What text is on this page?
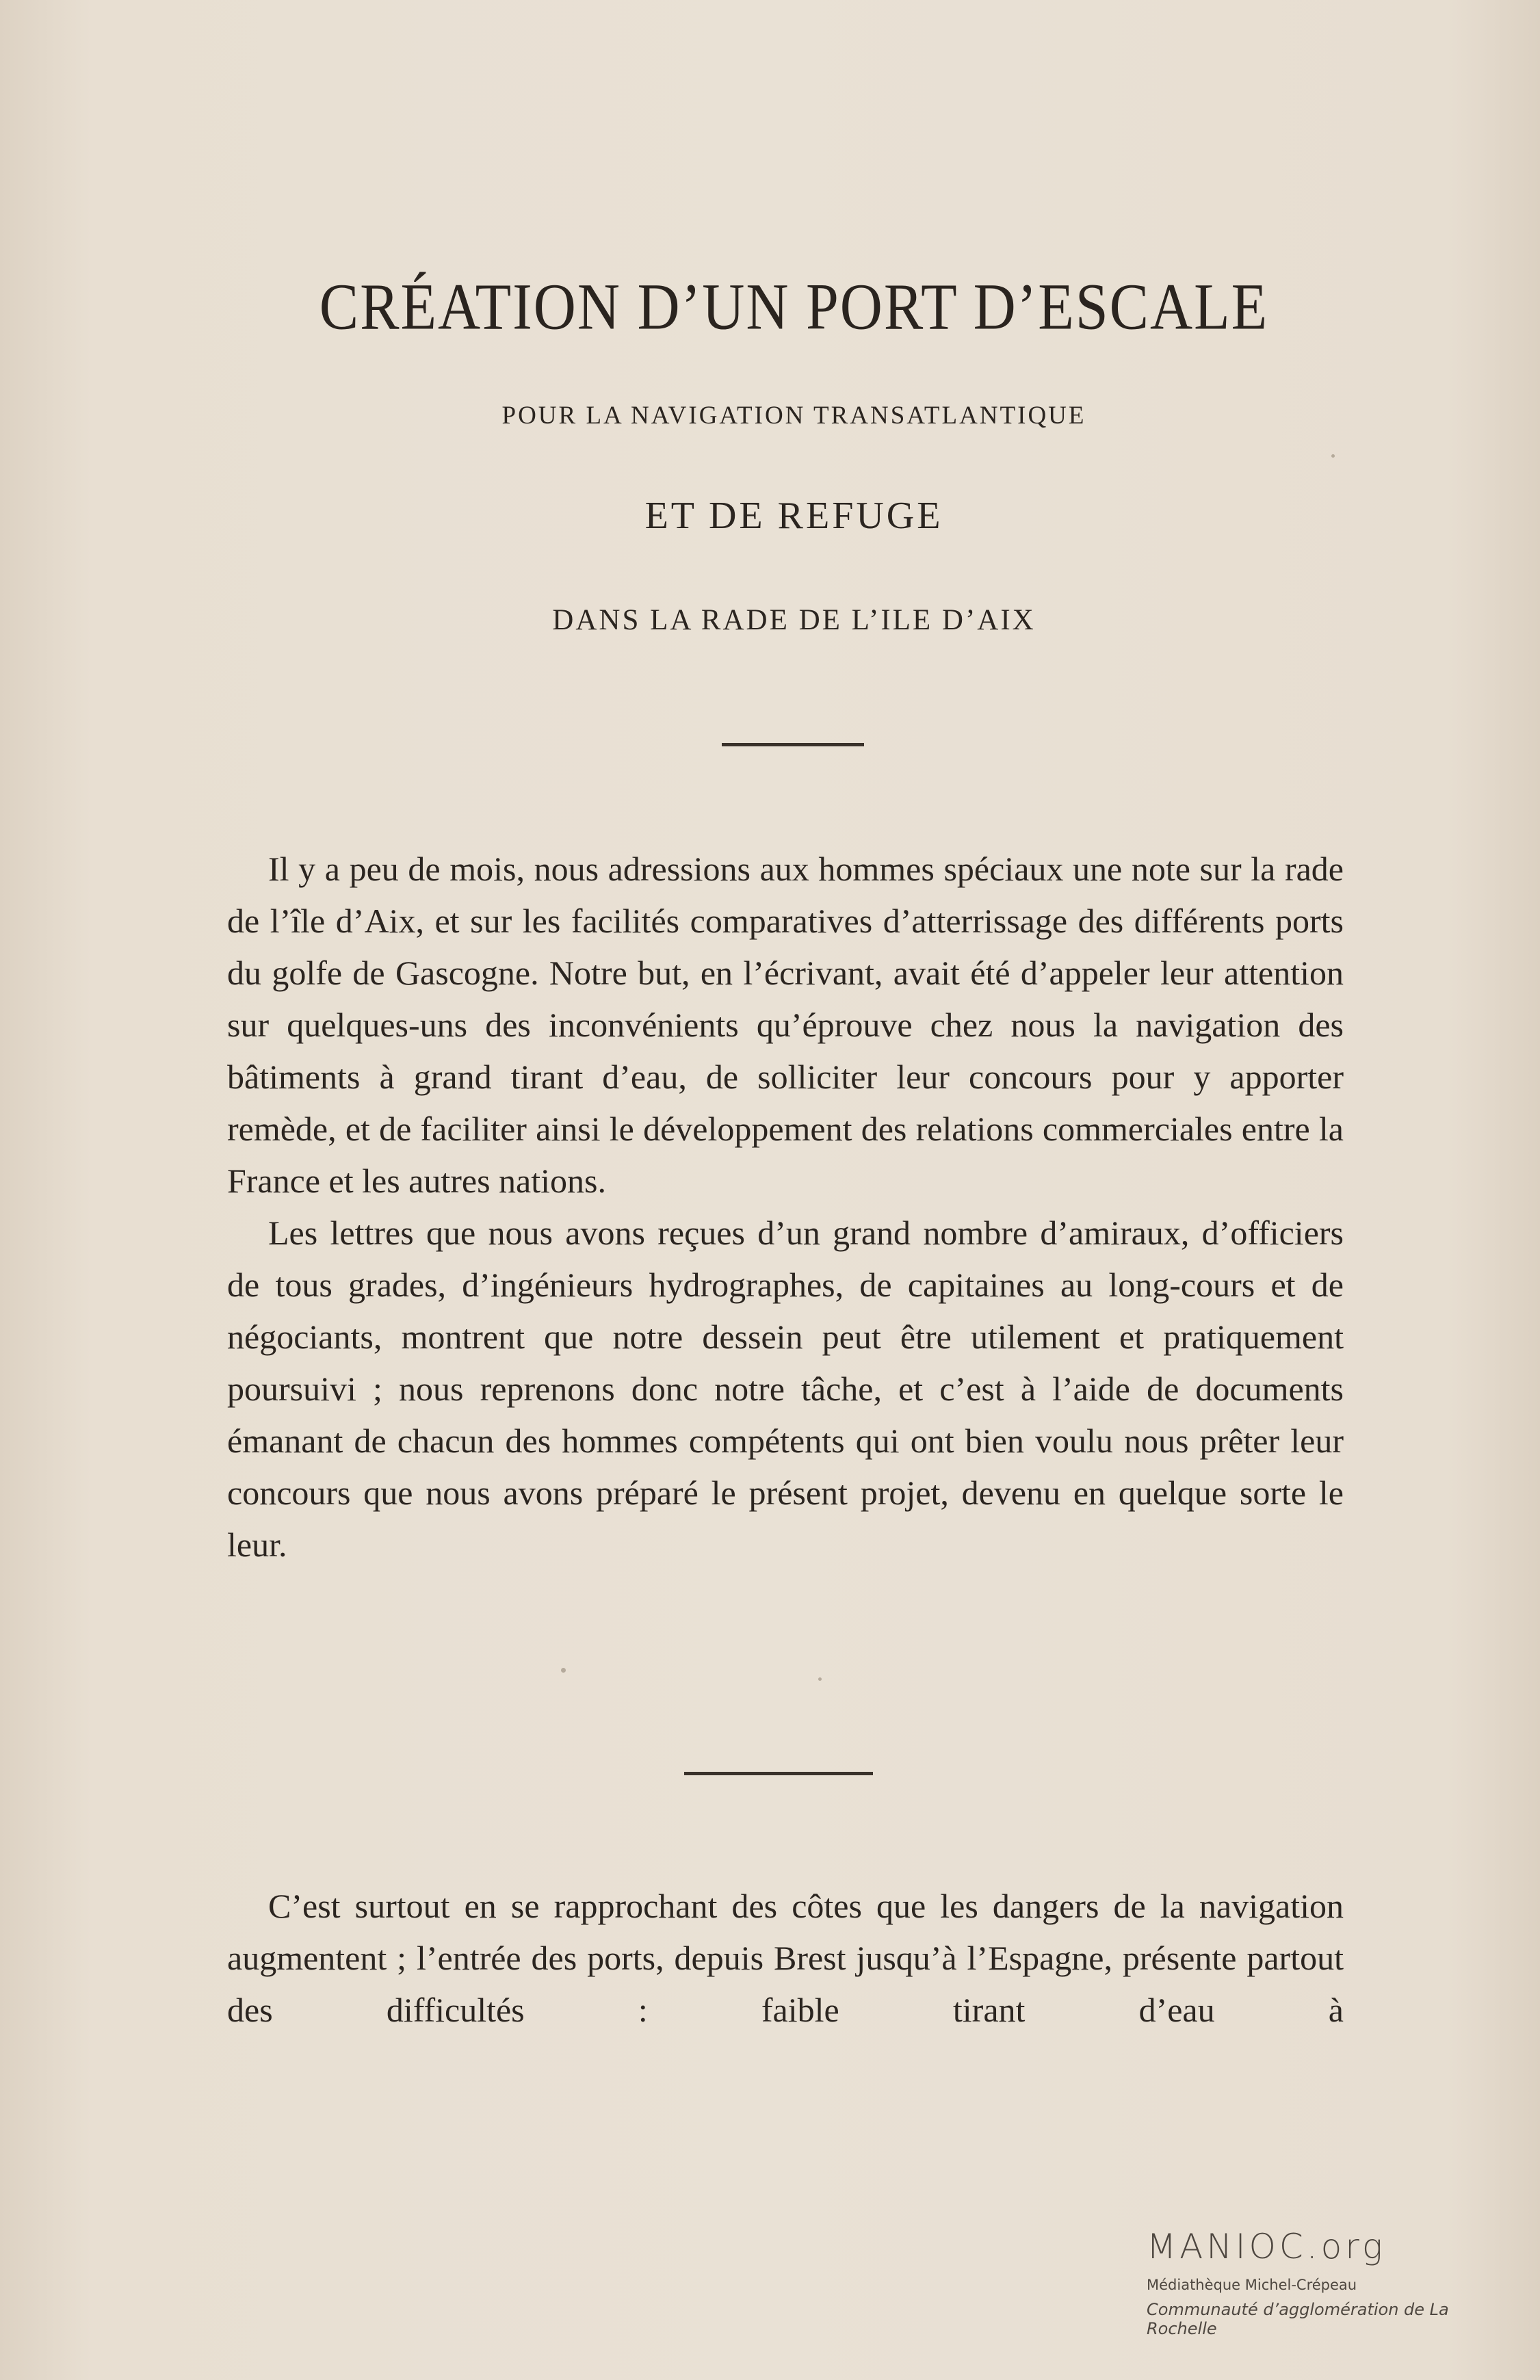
CRÉATION D’UN PORT D’ESCALE
POUR LA NAVIGATION TRANSATLANTIQUE
ET DE REFUGE
DANS LA RADE DE L’ILE D’AIX

Il y a peu de mois, nous adressions aux hommes spéciaux une note sur la rade de l’île d’Aix, et sur les facilités comparatives d’atterrissage des différents ports du golfe de Gascogne. Notre but, en l’écrivant, avait été d’appeler leur attention sur quelques-uns des inconvénients qu’éprouve chez nous la navigation des bâtiments à grand tirant d’eau, de solliciter leur concours pour y apporter remède, et de faciliter ainsi le développement des relations commerciales entre la France et les autres nations.

Les lettres que nous avons reçues d’un grand nombre d’amiraux, d’officiers de tous grades, d’ingénieurs hydrographes, de capitaines au long-cours et de négociants, montrent que notre dessein peut être utilement et pratiquement poursuivi ; nous reprenons donc notre tâche, et c’est à l’aide de documents émanant de chacun des hommes compétents qui ont bien voulu nous prêter leur concours que nous avons préparé le présent projet, devenu en quelque sorte le leur.

C’est surtout en se rapprochant des côtes que les dangers de la navigation augmentent ; l’entrée des ports, depuis Brest jusqu’à l’Espagne, présente partout des difficultés : faible tirant d’eau à

MANIOC.org
Médiathèque Michel-Crépeau
Communauté d’agglomération de La Rochelle
